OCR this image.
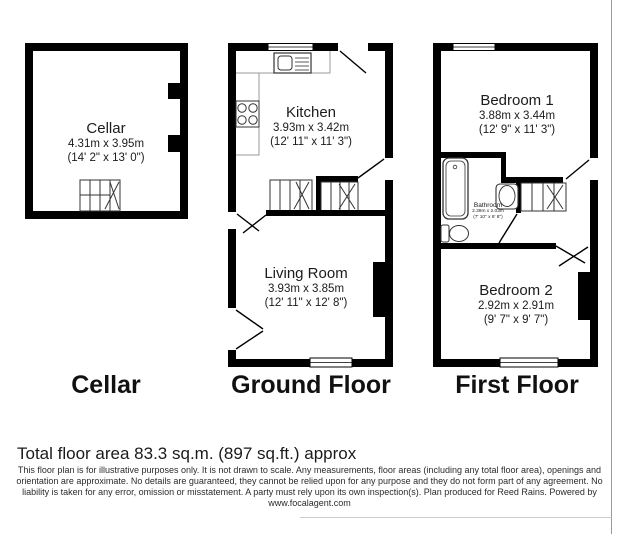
Cellar
4.31m x 3.95m
(14' 2" x 13' 0")
Kitchen
3.93m x 3.42m
(12' 11" x 11' 3")
Living Room
3.93m x 3.85m
(12' 11" x 12' 8")
Bedroom 1
3.88m x 3.44m
(12' 9" x 11' 3")
Bathroom
2.39m x 2.03m
(7' 10" x 6' 8")
Bedroom 2
2.92m x 2.91m
(9' 7" x 9' 7")
Cellar	Ground Floor	First Floor
Total floor area 83.3 sq.m. (897 sq.ft.) approx
This floor plan is for illustrative purposes only. It is not drawn to scale. Any measurements, floor areas (including any total floor area), openings and
orientation are approximate. No details are guaranteed, they cannot be relied upon for any purpose and they do not form part of any agreement. No
liability is taken for any error, omission or misstatement. A party must rely upon its own inspection(s). Plan produced for Reed Rains. Powered by
www.focalagent.com
